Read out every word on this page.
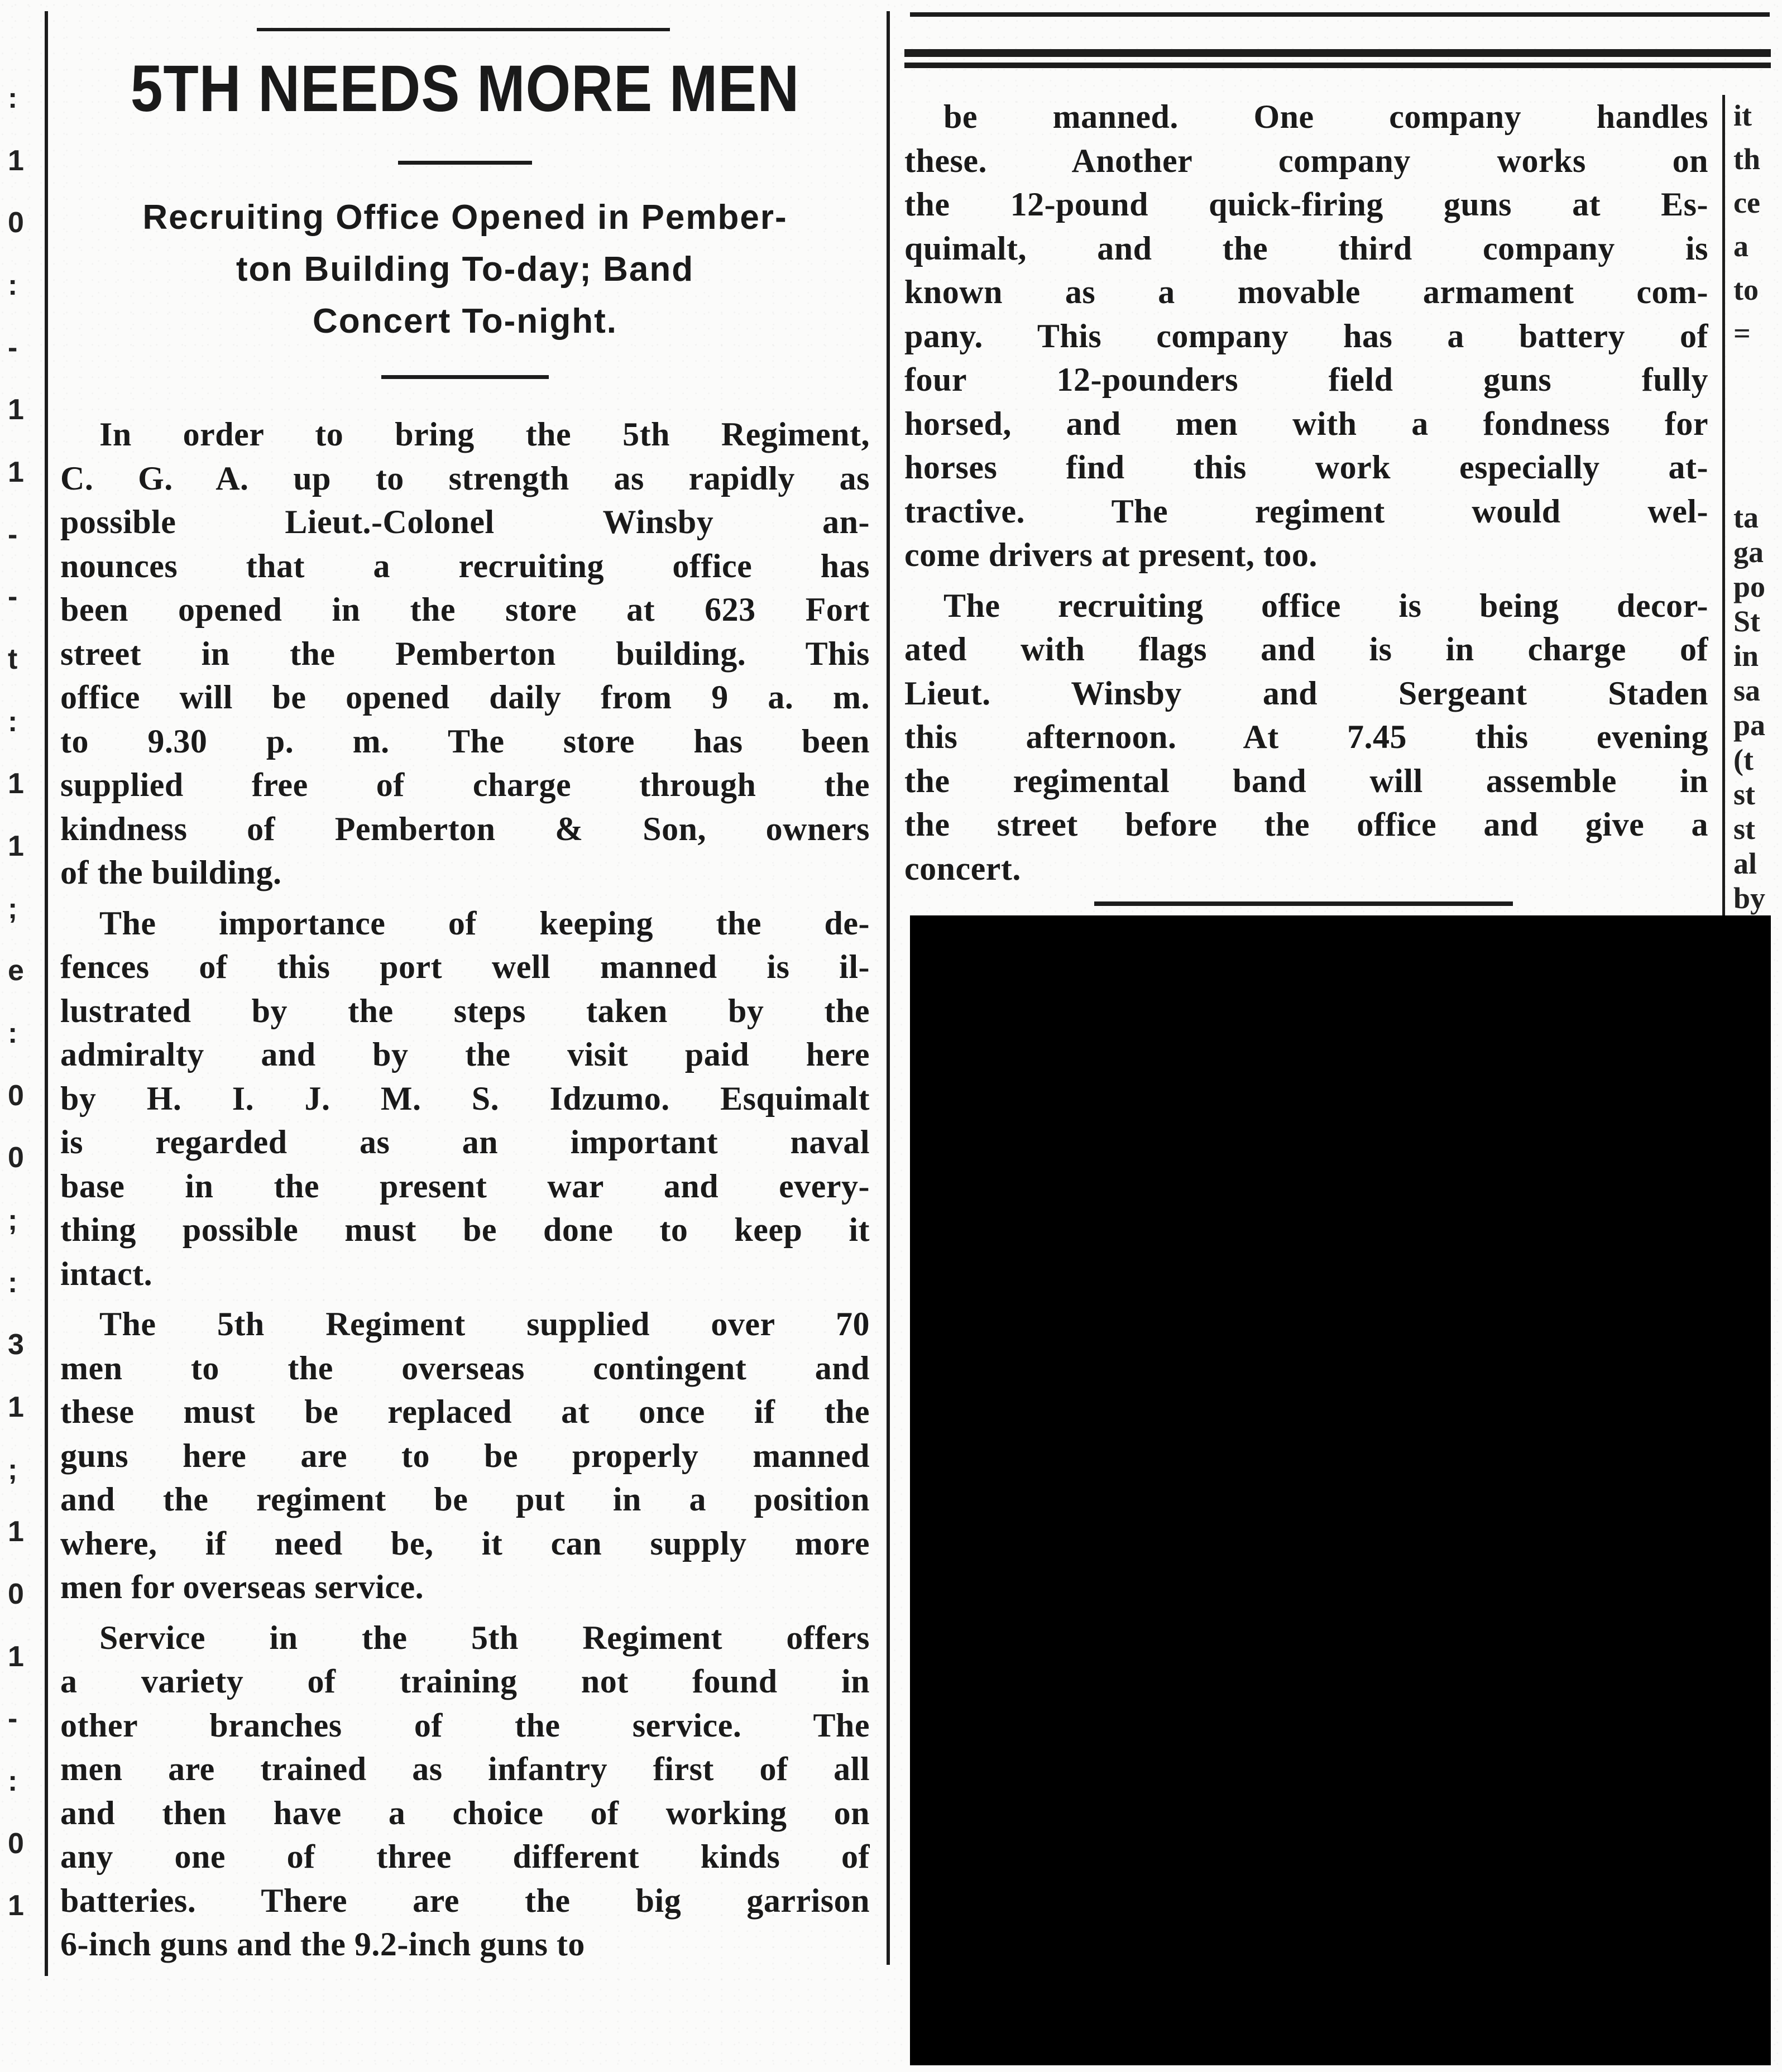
:
1
0
:
-
1
1
-
-
t
:
1
1
;
e
:
0
0
;
:
3
1
;
1
0
1
-
:
0
1
it
th
ce
a
to
=
ta
ga
po
St
in
sa
pa
(t
st
st
al
by
5TH NEEDS MORE MEN
Recruiting Office Opened in Pember-
ton Building To-day; Band
Concert To-night.
In order to bring the 5th Regiment,
C. G. A. up to strength as rapidly as
possible Lieut.-Colonel Winsby an-
nounces that a recruiting office has
been opened in the store at 623 Fort
street in the Pemberton building. This
office will be opened daily from 9 a. m.
to 9.30 p. m. The store has been
supplied free of charge through the
kindness of Pemberton & Son, owners
of the building.
The importance of keeping the de-
fences of this port well manned is il-
lustrated by the steps taken by the
admiralty and by the visit paid here
by H. I. J. M. S. Idzumo. Esquimalt
is regarded as an important naval
base in the present war and every-
thing possible must be done to keep it
intact.
The 5th Regiment supplied over 70
men to the overseas contingent and
these must be replaced at once if the
guns here are to be properly manned
and the regiment be put in a position
where, if need be, it can supply more
men for overseas service.
Service in the 5th Regiment offers
a variety of training not found in
other branches of the service. The
men are trained as infantry first of all
and then have a choice of working on
any one of three different kinds of
batteries. There are the big garrison
6-inch guns and the 9.2-inch guns to
be manned. One company handles
these. Another company works on
the 12-pound quick-firing guns at Es-
quimalt, and the third company is
known as a movable armament com-
pany. This company has a battery of
four 12-pounders field guns fully
horsed, and men with a fondness for
horses find this work especially at-
tractive. The regiment would wel-
come drivers at present, too.
The recruiting office is being decor-
ated with flags and is in charge of
Lieut. Winsby and Sergeant Staden
this afternoon. At 7.45 this evening
the regimental band will assemble in
the street before the office and give a
concert.
